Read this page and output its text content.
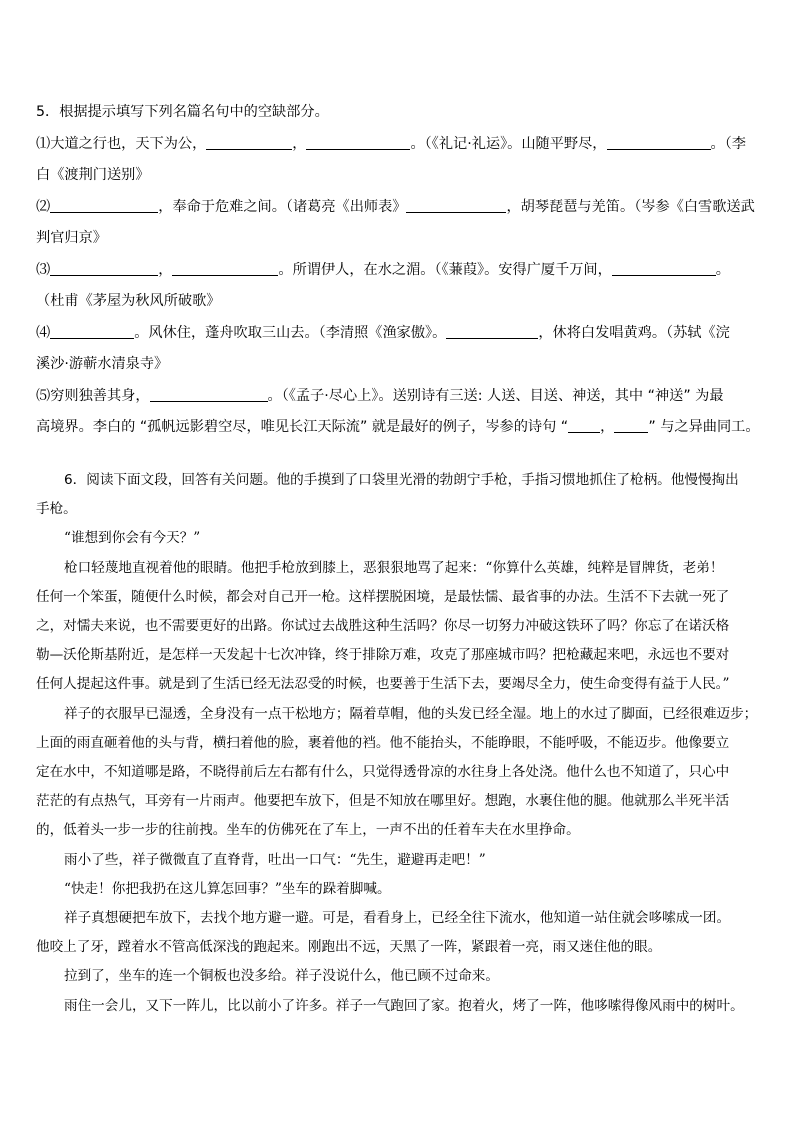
5．根据提示填写下列名篇名句中的空缺部分。

⑴大道之行也，天下为公，	，	。（《礼记·礼运》。山随平野尽，	。（李

白《渡荆门送别》

⑵	，奉命于危难之间。（诸葛亮《出师表》	，胡琴琵琶与羌笛。（岑参《白雪歌送武

判官归京》

⑶	，	。所谓伊人，在水之湄。（《蒹葭》。安得广厦千万间，	。

（杜甫《茅屋为秋风所破歌》

⑷	。风休住，蓬舟吹取三山去。（李清照《渔家傲》。	，休将白发唱黄鸡。（苏轼《浣

溪沙·游蕲水清泉寺》

⑸穷则独善其身，	。（《孟子·尽心上》。送别诗有三送: 人送、目送、神送，其中 “神送” 为最

高境界。李白的 “孤帆远影碧空尽，唯见长江天际流” 就是最好的例子，岑参的诗句 “ ， ” 与之异曲同工。

6．阅读下面文段，回答有关问题。他的手摸到了口袋里光滑的勃朗宁手枪，手指习惯地抓住了枪柄。他慢慢掏出

手枪。

“谁想到你会有今天？”

枪口轻蔑地直视着他的眼睛。他把手枪放到膝上，恶狠狠地骂了起来：“你算什么英雄，纯粹是冒牌货，老弟！

任何一个笨蛋，随便什么时候，都会对自己开一枪。这样摆脱困境，是最怯懦、最省事的办法。生活不下去就一死了

之，对懦夫来说，也不需要更好的出路。你试过去战胜这种生活吗？你尽一切努力冲破这铁环了吗？你忘了在诺沃格

勒—沃伦斯基附近，是怎样一天发起十七次冲锋，终于排除万难，攻克了那座城市吗？把枪藏起来吧，永远也不要对

任何人提起这件事。就是到了生活已经无法忍受的时候，也要善于生活下去，要竭尽全力，使生命变得有益于人民。”

祥子的衣服早已湿透，全身没有一点干松地方；隔着草帽，他的头发已经全湿。地上的水过了脚面，已经很难迈步；

上面的雨直砸着他的头与背，横扫着他的脸，裹着他的裆。他不能抬头，不能睁眼，不能呼吸，不能迈步。他像要立

定在水中，不知道哪是路，不晓得前后左右都有什么，只觉得透骨凉的水往身上各处浇。他什么也不知道了，只心中

茫茫的有点热气，耳旁有一片雨声。他要把车放下，但是不知放在哪里好。想跑，水裹住他的腿。他就那么半死半活

的，低着头一步一步的往前拽。坐车的仿佛死在了车上，一声不出的任着车夫在水里挣命。

雨小了些，祥子微微直了直脊背，吐出一口气：“先生，避避再走吧！”

“快走！你把我扔在这儿算怎回事？”坐车的跺着脚喊。

祥子真想硬把车放下，去找个地方避一避。可是，看看身上，已经全往下流水，他知道一站住就会哆嗦成一团。

他咬上了牙，蹚着水不管高低深浅的跑起来。刚跑出不远，天黑了一阵，紧跟着一亮，雨又迷住他的眼。

拉到了，坐车的连一个铜板也没多给。祥子没说什么，他已顾不过命来。

雨住一会儿，又下一阵儿，比以前小了许多。祥子一气跑回了家。抱着火，烤了一阵，他哆嗦得像风雨中的树叶。
